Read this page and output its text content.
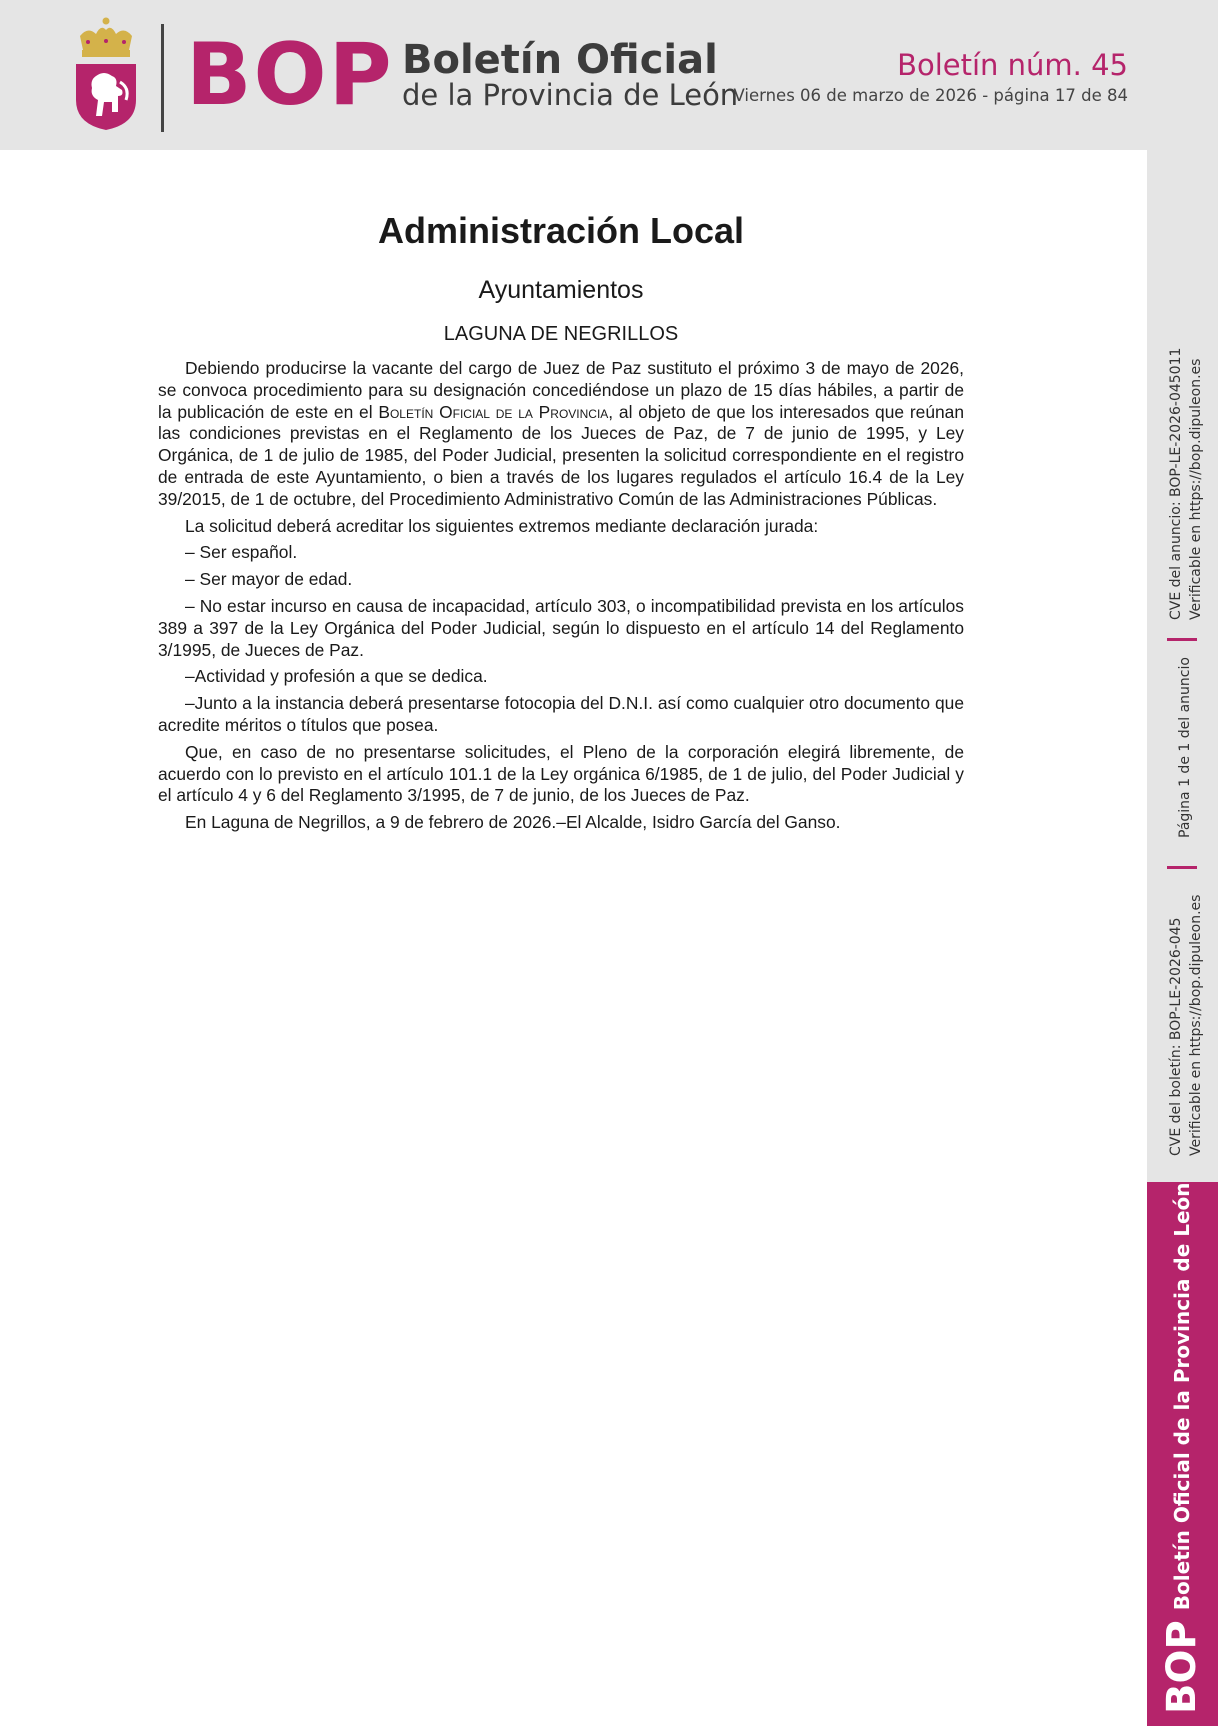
BOP Boletín Oficial
de la Provincia de León
Boletín núm. 45
Viernes 06 de marzo de 2026 - página 17 de 84
CVE del anuncio: BOP-LE-2026-045011 Verificable en https://bop.dipuleon.es
Página 1 de 1 del anuncio
CVE del boletín: BOP-LE-2026-045 Verificable en https://bop.dipuleon.es
BOPBoletín Oficial de la Provincia de León
Administración Local
Ayuntamientos
LAGUNA DE NEGRILLOS

Debiendo producirse la vacante del cargo de Juez de Paz sustituto el próximo 3 de mayo de 2026, se convoca procedimiento para su designación concediéndose un plazo de 15 días hábiles, a partir de la publicación de este en el Boletín Oficial de la Provincia, al objeto de que los interesados que reúnan las condiciones previstas en el Reglamento de los Jueces de Paz, de 7 de junio de 1995, y Ley Orgánica, de 1 de julio de 1985, del Poder Judicial, presenten la solicitud correspondiente en el registro de entrada de este Ayuntamiento, o bien a través de los lugares regulados el artículo 16.4 de la Ley 39/2015, de 1 de octubre, del Procedimiento Administrativo Común de las Administraciones Públicas.

La solicitud deberá acreditar los siguientes extremos mediante declaración jurada:

– Ser español.

– Ser mayor de edad.

– No estar incurso en causa de incapacidad, artículo 303, o incompatibilidad prevista en los artículos 389 a 397 de la Ley Orgánica del Poder Judicial, según lo dispuesto en el artículo 14 del Reglamento 3/1995, de Jueces de Paz.

–Actividad y profesión a que se dedica.

–Junto a la instancia deberá presentarse fotocopia del D.N.I. así como cualquier otro documento que acredite méritos o títulos que posea.

Que, en caso de no presentarse solicitudes, el Pleno de la corporación elegirá libremente, de acuerdo con lo previsto en el artículo 101.1 de la Ley orgánica 6/1985, de 1 de julio, del Poder Judicial y el artículo 4 y 6 del Reglamento 3/1995, de 7 de junio, de los Jueces de Paz.

En Laguna de Negrillos, a 9 de febrero de 2026.–El Alcalde, Isidro García del Ganso.
